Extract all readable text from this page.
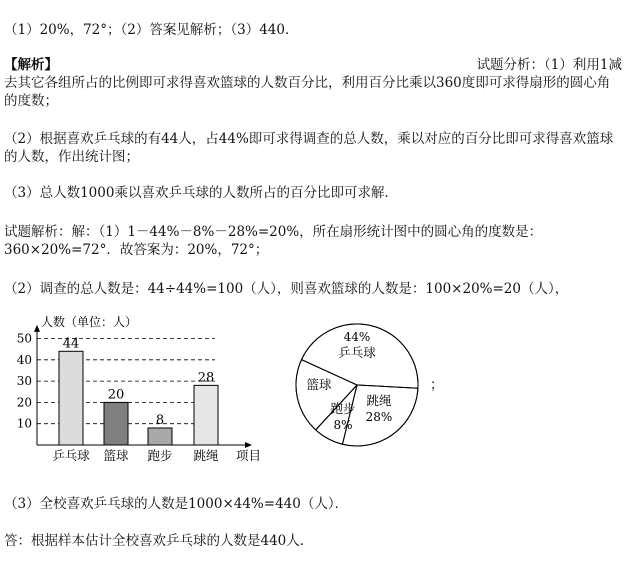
（1）20%，72°；（2）答案见解析；（3）440．
【解析】	试题分析：（1）利用1减
去其它各组所占的比例即可求得喜欢篮球的人数百分比，利用百分比乘以360度即可求得扇形的圆心角的度数；
（2）根据喜欢乒乓球的有44人，占44%即可求得调查的总人数，乘以对应的百分比即可求得喜欢篮球的人数，作出统计图；
（3）总人数1000乘以喜欢乒乓球的人数所占的百分比即可求解．
试题解析：解：（1）1－44%－8%－28%=20%，所在扇形统计图中的圆心角的度数是：360×20%=72°．故答案为：20%，72°；
（2）调查的总人数是：44÷44%=100（人），则喜欢篮球的人数是：100×20%=20（人），
人数（单位：人）
10
20
30
40
50 44
乒乓球
20
篮球
8
跑步
28
跳绳 项目
乒乓球
44%
篮球
跑步
8%
跳绳
28%
；
（3）全校喜欢乒乓球的人数是1000×44%=440（人）．
答：根据样本估计全校喜欢乒乓球的人数是440人．
